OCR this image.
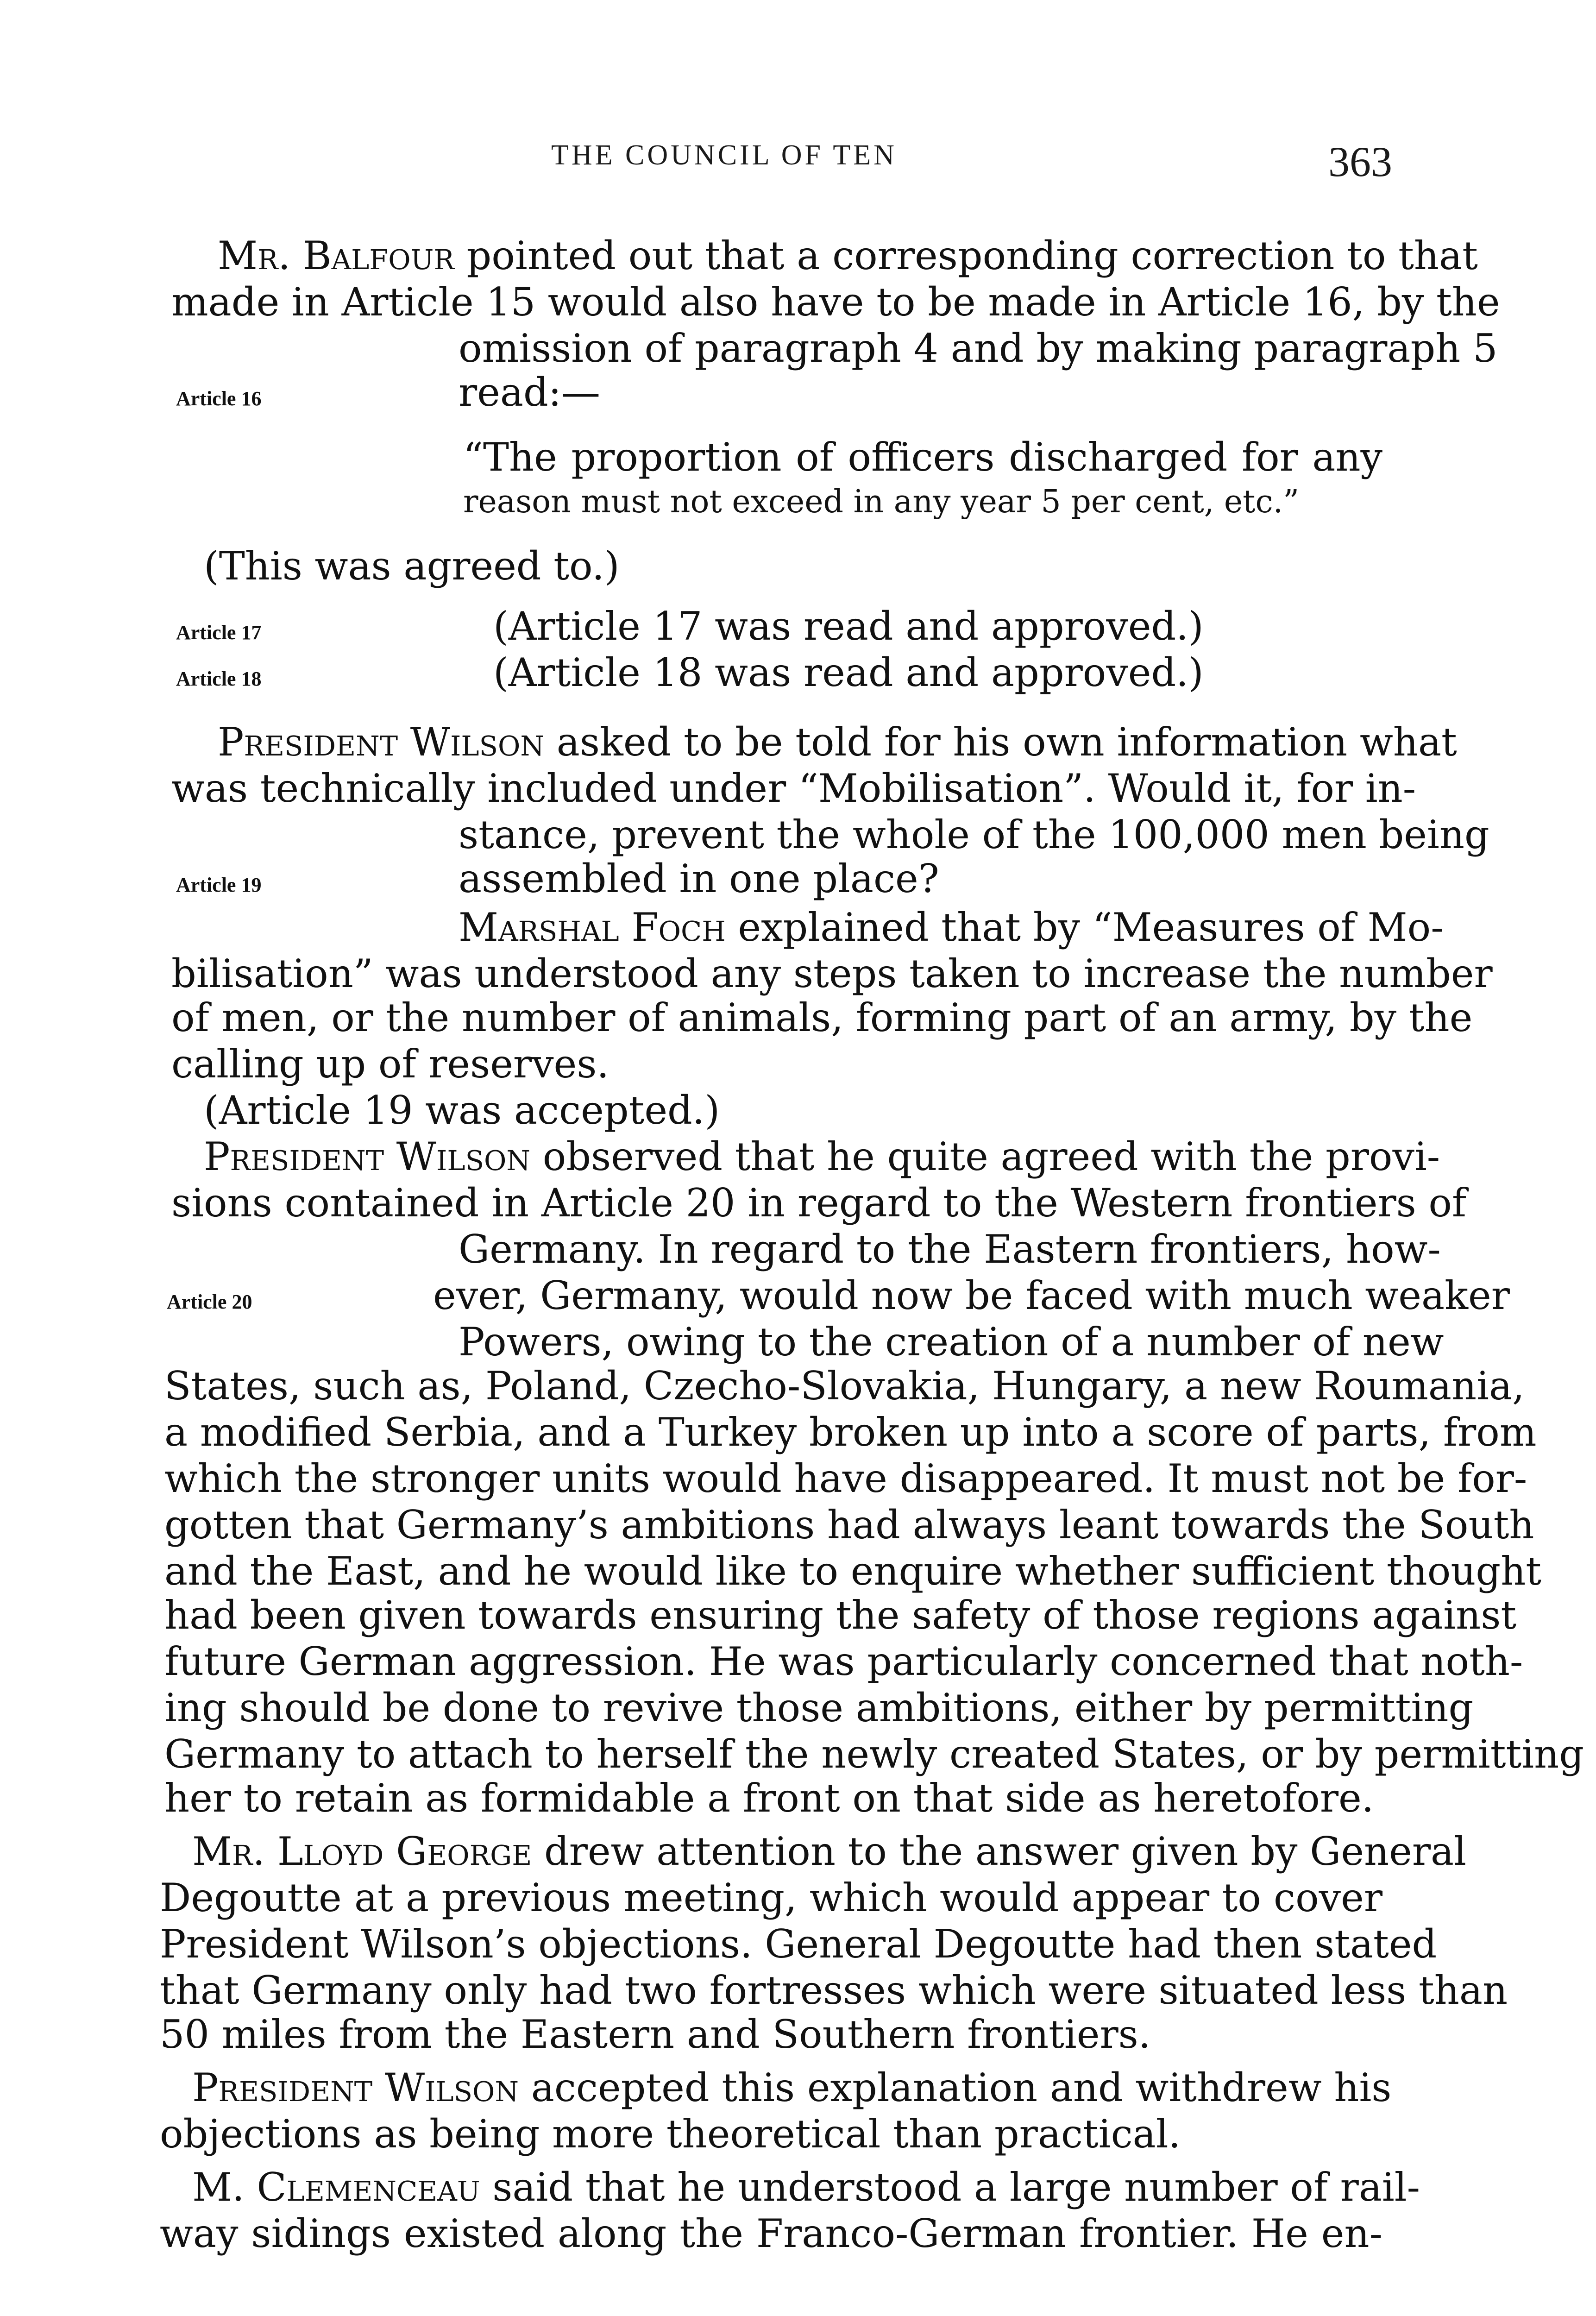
THE COUNCIL OF TEN	363
Mr. Balfour pointed out that a corresponding correction to that
made in Article 15 would also have to be made in Article 16, by the
omission of paragraph 4 and by making paragraph 5
Article 16	read:—
“The proportion of officers discharged for any
reason must not exceed in any year 5 per cent, etc.”
(This was agreed to.)
Article 17	(Article 17 was read and approved.)
Article 18	(Article 18 was read and approved.)
President Wilson asked to be told for his own information what
was technically included under “Mobilisation”. Would it, for in-
stance, prevent the whole of the 100,000 men being
Article 19	assembled in one place?
Marshal Foch explained that by “Measures of Mo-
bilisation” was understood any steps taken to increase the number
of men, or the number of animals, forming part of an army, by the
calling up of reserves.
(Article 19 was accepted.)
President Wilson observed that he quite agreed with the provi-
sions contained in Article 20 in regard to the Western frontiers of
Germany. In regard to the Eastern frontiers, how-
Article 20	ever, Germany, would now be faced with much weaker
Powers, owing to the creation of a number of new
States, such as, Poland, Czecho-Slovakia, Hungary, a new Roumania,
a modified Serbia, and a Turkey broken up into a score of parts, from
which the stronger units would have disappeared. It must not be for-
gotten that Germany’s ambitions had always leant towards the South
and the East, and he would like to enquire whether sufficient thought
had been given towards ensuring the safety of those regions against
future German aggression. He was particularly concerned that noth-
ing should be done to revive those ambitions, either by permitting
Germany to attach to herself the newly created States, or by permitting
her to retain as formidable a front on that side as heretofore.
Mr. Lloyd George drew attention to the answer given by General
Degoutte at a previous meeting, which would appear to cover
President Wilson’s objections. General Degoutte had then stated
that Germany only had two fortresses which were situated less than
50 miles from the Eastern and Southern frontiers.
President Wilson accepted this explanation and withdrew his
objections as being more theoretical than practical.
M. Clemenceau said that he understood a large number of rail-
way sidings existed along the Franco-German frontier. He en-
